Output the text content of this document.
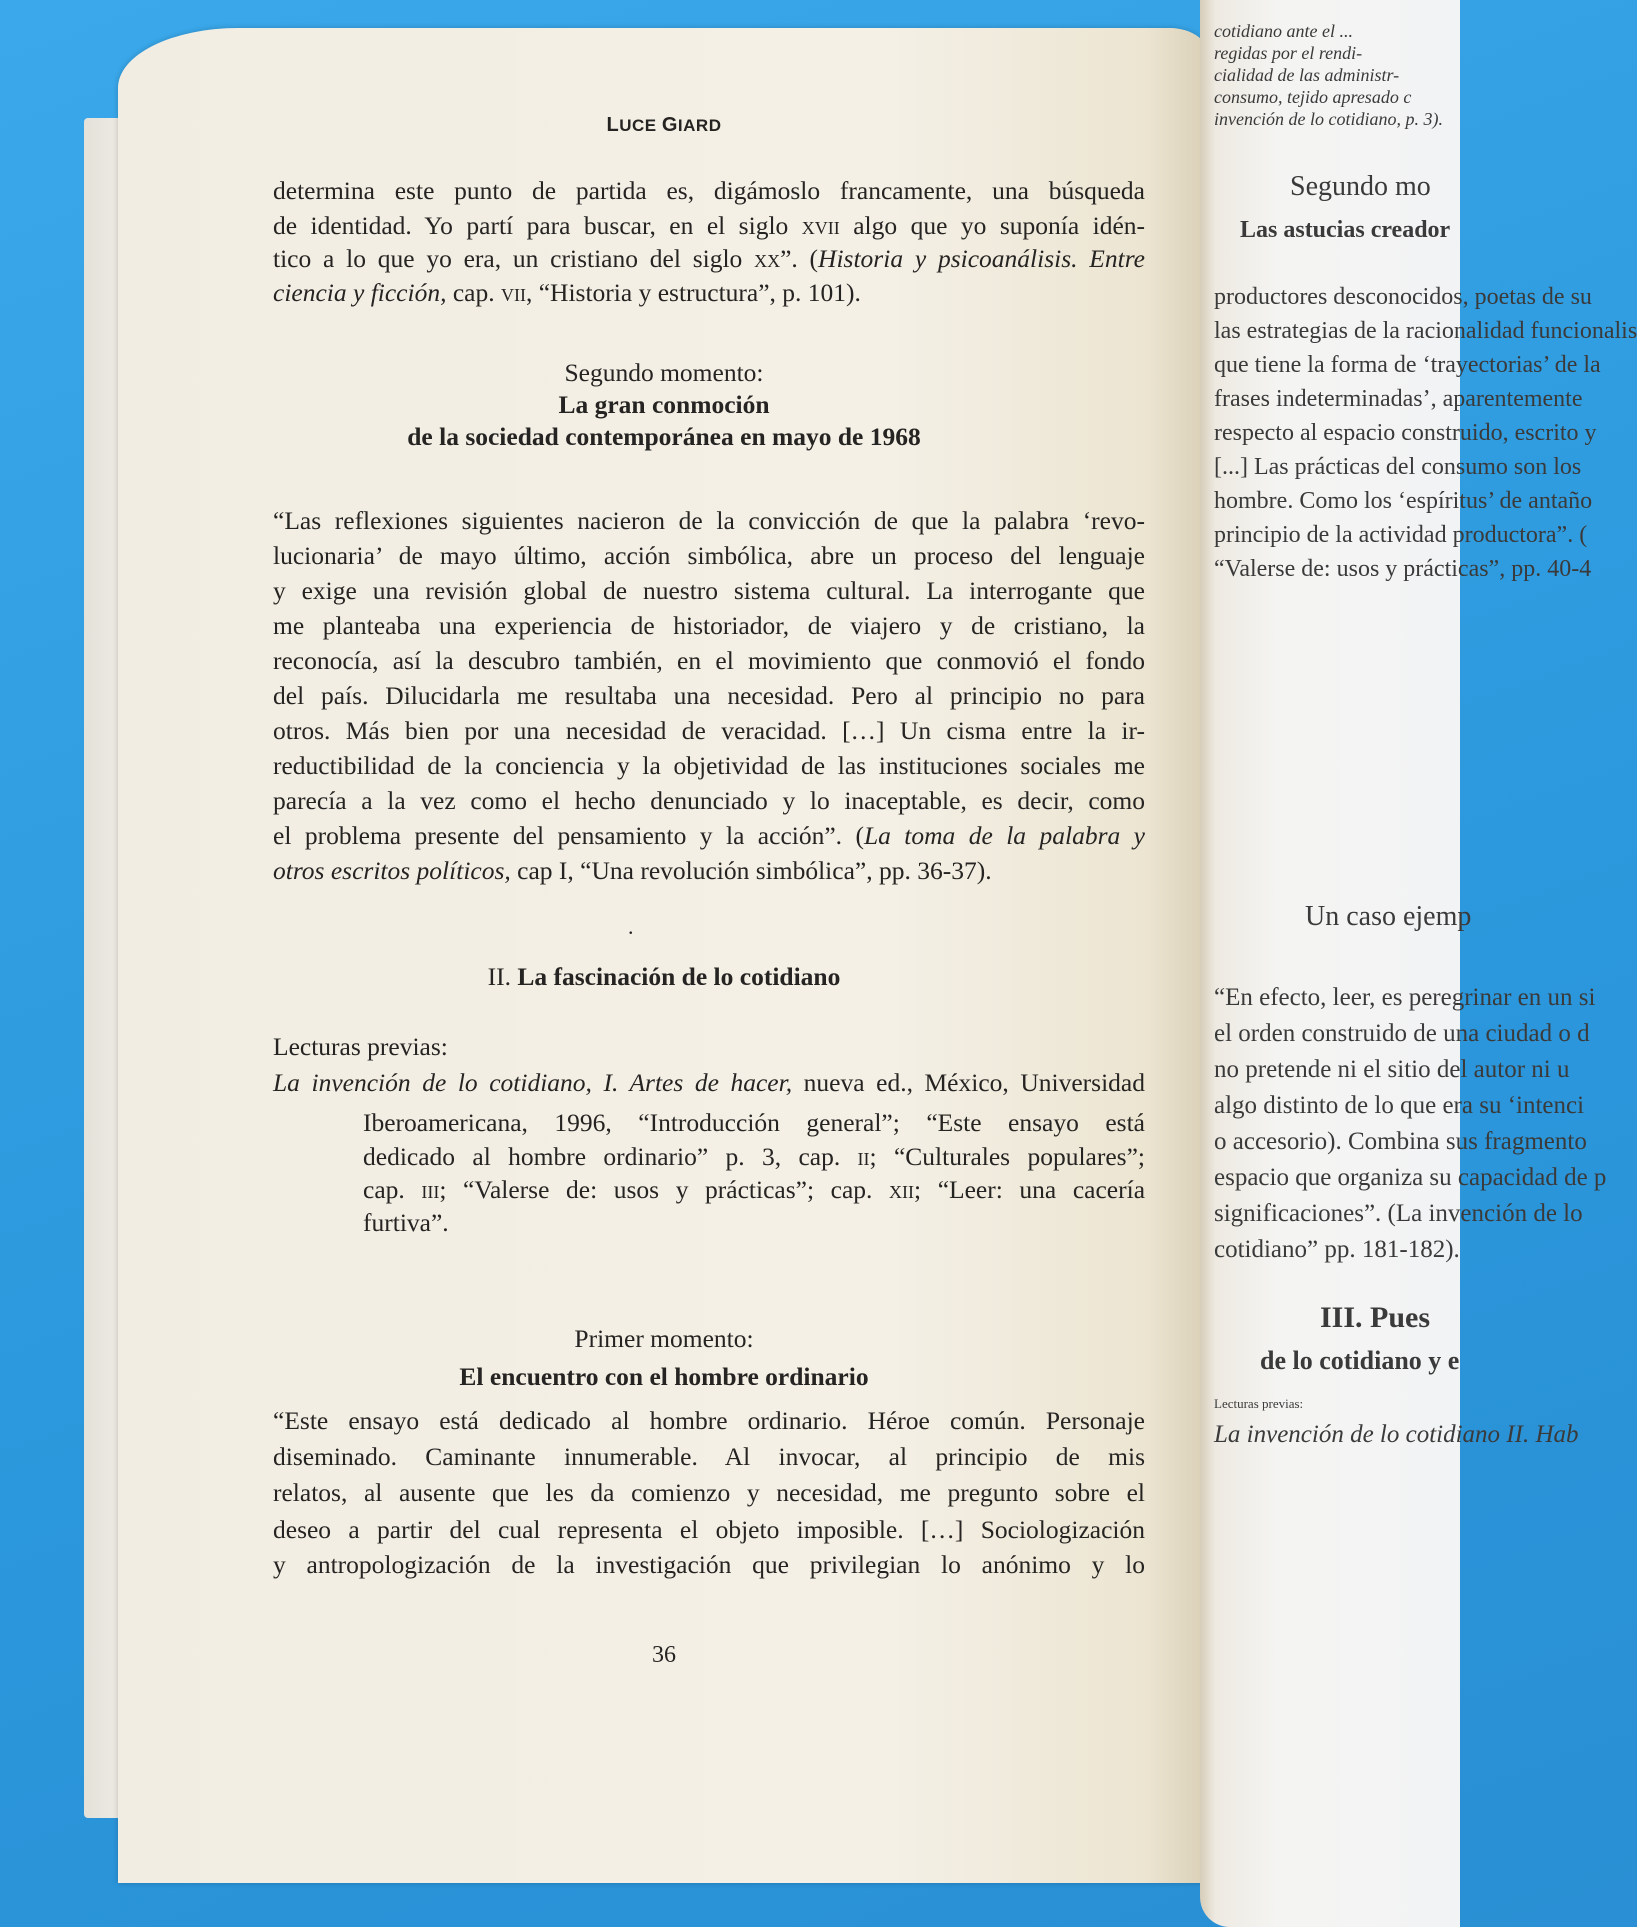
LUCE GIARD
determina este punto de partida es, digámoslo francamente, una búsqueda
de identidad. Yo partí para buscar, en el siglo xvii algo que yo suponía idén-
tico a lo que yo era, un cristiano del siglo xx”. (Historia y psicoanálisis. Entre
ciencia y ficción, cap. vii, “Historia y estructura”, p. 101).
Segundo momento:
La gran conmoción
de la sociedad contemporánea en mayo de 1968
“Las reflexiones siguientes nacieron de la convicción de que la palabra ‘revo-
lucionaria’ de mayo último, acción simbólica, abre un proceso del lenguaje
y exige una revisión global de nuestro sistema cultural. La interrogante que
me planteaba una experiencia de historiador, de viajero y de cristiano, la
reconocía, así la descubro también, en el movimiento que conmovió el fondo
del país. Dilucidarla me resultaba una necesidad. Pero al principio no para
otros. Más bien por una necesidad de veracidad. […] Un cisma entre la ir-
reductibilidad de la conciencia y la objetividad de las instituciones sociales me
parecía a la vez como el hecho denunciado y lo inaceptable, es decir, como
el problema presente del pensamiento y la acción”. (La toma de la palabra y
otros escritos políticos, cap I, “Una revolución simbólica”, pp. 36-37).
.
II. La fascinación de lo cotidiano
Lecturas previas:
La invención de lo cotidiano, I. Artes de hacer, nueva ed., México, Universidad
Iberoamericana, 1996, “Introducción general”; “Este ensayo está
dedicado al hombre ordinario” p. 3, cap. ii; “Culturales populares”;
cap. iii; “Valerse de: usos y prácticas”; cap. xii; “Leer: una cacería
furtiva”.
Primer momento:
El encuentro con el hombre ordinario
“Este ensayo está dedicado al hombre ordinario. Héroe común. Personaje
diseminado. Caminante innumerable. Al invocar, al principio de mis
relatos, al ausente que les da comienzo y necesidad, me pregunto sobre el
deseo a partir del cual representa el objeto imposible. […] Sociologización
y antropologización de la investigación que privilegian lo anónimo y lo
36
cotidiano ante el ...
regidas por el rendi-
cialidad de las administr-
consumo, tejido apresado c
invención de lo cotidiano, p. 3).
Segundo mo
Las astucias creador
productores desconocidos, poetas de su
las estrategias de la racionalidad funcionalis
que tiene la forma de ‘trayectorias’ de la
frases indeterminadas’, aparentemente
respecto al espacio construido, escrito y
[...] Las prácticas del consumo son los
hombre. Como los ‘espíritus’ de antaño
principio de la actividad productora”. (
“Valerse de: usos y prácticas”, pp. 40-4
Un caso ejemp
“En efecto, leer, es peregrinar en un si
el orden construido de una ciudad o d
no pretende ni el sitio del autor ni u
algo distinto de lo que era su ‘intenci
o accesorio). Combina sus fragmento
espacio que organiza su capacidad de p
significaciones”. (La invención de lo
cotidiano” pp. 181-182).
III. Pues
de lo cotidiano y e
Lecturas previas:
La invención de lo cotidiano II. Hab
